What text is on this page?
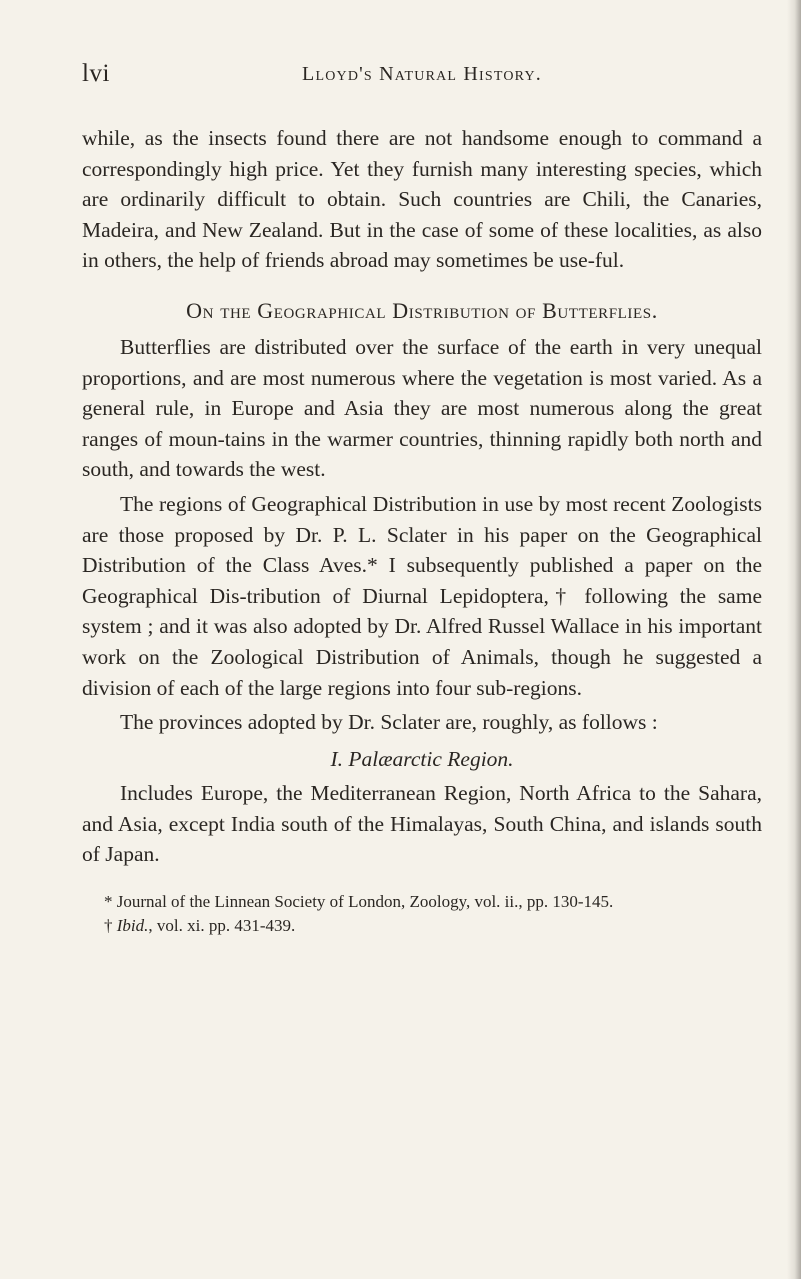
lvi	Lloyd's Natural History.

while, as the insects found there are not handsome enough to command a correspondingly high price. Yet they furnish many interesting species, which are ordinarily difficult to obtain. Such countries are Chili, the Canaries, Madeira, and New Zealand. But in the case of some of these localities, as also in others, the help of friends abroad may sometimes be use-ful.

On the Geographical Distribution of Butterflies.

Butterflies are distributed over the surface of the earth in very unequal proportions, and are most numerous where the vegetation is most varied. As a general rule, in Europe and Asia they are most numerous along the great ranges of moun-tains in the warmer countries, thinning rapidly both north and south, and towards the west.

The regions of Geographical Distribution in use by most recent Zoologists are those proposed by Dr. P. L. Sclater in his paper on the Geographical Distribution of the Class Aves.* I subsequently published a paper on the Geographical Dis-tribution of Diurnal Lepidoptera,† following the same system ; and it was also adopted by Dr. Alfred Russel Wallace in his important work on the Zoological Distribution of Animals, though he suggested a division of each of the large regions into four sub-regions.

The provinces adopted by Dr. Sclater are, roughly, as follows :

I. Palæarctic Region.

Includes Europe, the Mediterranean Region, North Africa to the Sahara, and Asia, except India south of the Himalayas, South China, and islands south of Japan.

* Journal of the Linnean Society of London, Zoology, vol. ii., pp. 130-145.

† Ibid., vol. xi. pp. 431-439.
